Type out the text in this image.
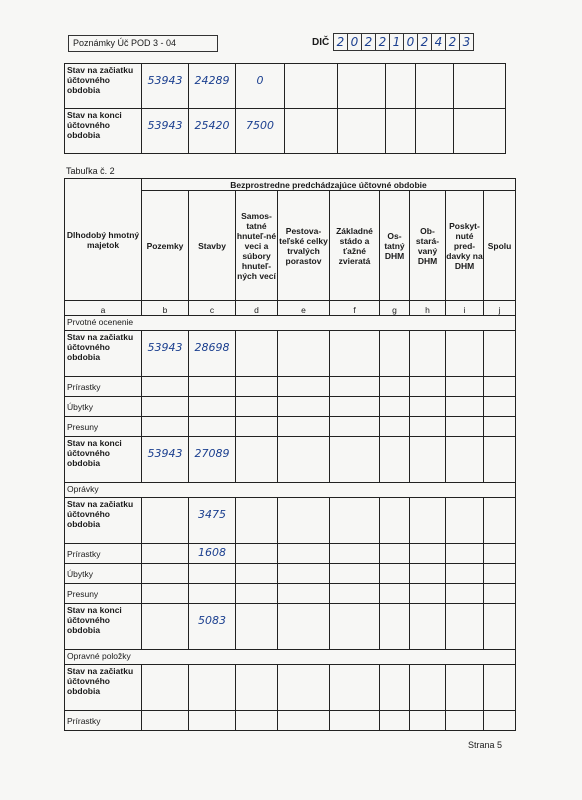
Poznámky Úč POD 3 - 04	DIČ 2 0 2 2 1 0 2 4 2 3
Stav na začiatku účtovného obdobia	53943	24289	0					

Stav na konci účtovného obdobia	53943	25420	7500					

Tabuľka č. 2
Dlhodobý hmotný majetok	Bezprostredne predchádzajúce účtovné obdobie								
	Pozemky	Stavby	Samos-tatné hnuteľ-né veci a súbory hnuteľ-ných vecí	Pestova-teľské celky trvalých porastov	Základné stádo a ťažné zvieratá	Os-tatný DHM	Ob-stará-vaný DHM	Poskyt-nuté pred-davky na DHM	Spolu
a	b	c	d	e	f	g	h	i	j
Prvotné ocenenie									
Stav na začiatku účtovného obdobia	53943	28698							

Prírastky	

Úbytky	

Presuny	

Stav na konci účtovného obdobia	53943	27089							

Oprávky									
Stav na začiatku účtovného obdobia		3475							

Prírastky		1608							

Úbytky	

Presuny	

Stav na konci účtovného obdobia		5083							

Opravné položky									
Stav na začiatku účtovného obdobia	

Prírastky	

Strana 5
